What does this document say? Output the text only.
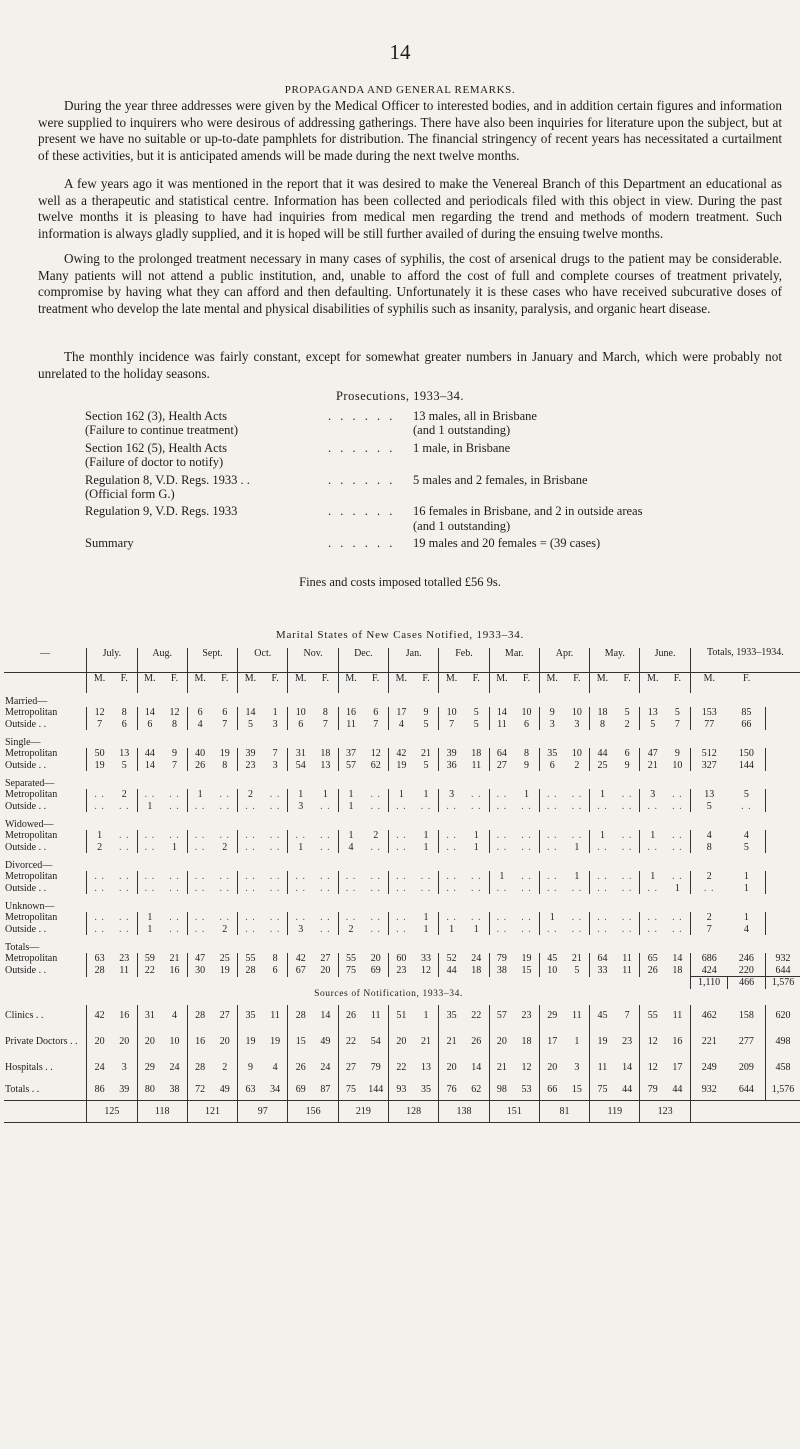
14
PROPAGANDA AND GENERAL REMARKS.

During the year three addresses were given by the Medical Officer to interested bodies, and in addition certain figures and information were supplied to inquirers who were desirous of addressing gatherings. There have also been inquiries for literature upon the subject, but at present we have no suitable or up-to-date pamphlets for distribution. The financial stringency of recent years has necessitated a curtailment of these activities, but it is anticipated amends will be made during the next twelve months.

A few years ago it was mentioned in the report that it was desired to make the Venereal Branch of this Department an educational as well as a therapeutic and statistical centre. Information has been collected and periodicals filed with this object in view. During the past twelve months it is pleasing to have had inquiries from medical men regarding the trend and methods of modern treatment. Such information is always gladly supplied, and it is hoped will be still further availed of during the ensuing twelve months.

Owing to the prolonged treatment necessary in many cases of syphilis, the cost of arsenical drugs to the patient may be considerable. Many patients will not attend a public institution, and, unable to afford the cost of full and complete courses of treatment privately, compromise by having what they can afford and then defaulting. Unfortunately it is these cases who have received subcurative doses of treatment who develop the late mental and physical disabilities of syphilis such as insanity, paralysis, and organic heart disease.

The monthly incidence was fairly constant, except for somewhat greater numbers in January and March, which were probably not unrelated to the holiday seasons.

Prosecutions, 1933–34.
Section 162 (3), Health Acts
(Failure to continue treatment)
. . . . . .	13 males, all in Brisbane
(and 1 outstanding)
Section 162 (5), Health Acts
(Failure of doctor to notify)
. . . . . .	1 male, in Brisbane
Regulation 8, V.D. Regs. 1933 . .
(Official form G.)
. . . . . .	5 males and 2 females, in Brisbane
Regulation 9, V.D. Regs. 1933	. . . . . .	16 females in Brisbane, and 2 in outside areas
(and 1 outstanding)
Summary	. . . . . .	19 males and 20 females = (39 cases)
Fines and costs imposed totalled £56 9s.
Marital States of New Cases Notified, 1933–34.
—	July.		Aug.		Sept.		Oct.		Nov.		Dec.		Jan.		Feb.		Mar.		Apr.		May.		June.		Totals, 1933–1934.		
	M.	F.	M.	F.	M.	F.	M.	F.	M.	F.	M.	F.	M.	F.	M.	F.	M.	F.	M.	F.	M.	F.	M.	F.	M.	F.	
Married—																											
Metropolitan	12	8	14	12	6	6	14	1	10	8	16	6	17	9	10	5	14	10	9	10	18	5	13	5	153	85	
Outside . .	7	6	6	8	4	7	5	3	6	7	11	7	4	5	7	5	11	6	3	3	8	2	5	7	77	66	
Single—																											
Metropolitan	50	13	44	9	40	19	39	7	31	18	37	12	42	21	39	18	64	8	35	10	44	6	47	9	512	150	
Outside . .	19	5	14	7	26	8	23	3	54	13	57	62	19	5	36	11	27	9	6	2	25	9	21	10	327	144	
Separated—																											
Metropolitan	. .	2	. .	. .	1	. .	2	. .	1	1	1	. .	1	1	3	. .	. .	1	. .	. .	1	. .	3	. .	13	5	
Outside . .	. .	. .	1	. .	. .	. .	. .	. .	3	. .	1	. .	. .	. .	. .	. .	. .	. .	. .	. .	. .	. .	. .	. .	5	. .	
Widowed—																											
Metropolitan	1	. .	. .	. .	. .	. .	. .	. .	. .	. .	1	2	. .	1	. .	1	. .	. .	. .	. .	1	. .	1	. .	4	4	
Outside . .	2	. .	. .	1	. .	2	. .	. .	1	. .	4	. .	. .	1	. .	1	. .	. .	. .	1	. .	. .	. .	. .	8	5	
Divorced—																											
Metropolitan	. .	. .	. .	. .	. .	. .	. .	. .	. .	. .	. .	. .	. .	. .	. .	. .	1	. .	. .	1	. .	. .	1	. .	2	1	
Outside . .	. .	. .	. .	. .	. .	. .	. .	. .	. .	. .	. .	. .	. .	. .	. .	. .	. .	. .	. .	. .	. .	. .	. .	1	. .	1	
Unknown—																											
Metropolitan	. .	. .	1	. .	. .	. .	. .	. .	. .	. .	. .	. .	. .	1	. .	. .	. .	. .	1	. .	. .	. .	. .	. .	2	1	
Outside . .	. .	. .	1	. .	. .	2	. .	. .	3	. .	2	. .	. .	1	1	1	. .	. .	. .	. .	. .	. .	. .	. .	7	4	
Totals—																											
Metropolitan	63	23	59	21	47	25	55	8	42	27	55	20	60	33	52	24	79	19	45	21	64	11	65	14	686	246	932
Outside . .	28	11	22	16	30	19	28	6	67	20	75	69	23	12	44	18	38	15	10	5	33	11	26	18	424	220	644
																									1,110	466	1,576
	Sources of Notification, 1933–34.																										
Clinics . .	42	16	31	4	28	27	35	11	28	14	26	11	51	1	35	22	57	23	29	11	45	7	55	11	462	158	620
Private Doctors . .	20	20	20	10	16	20	19	19	15	49	22	54	20	21	21	26	20	18	17	1	19	23	12	16	221	277	498
Hospitals . .	24	3	29	24	28	2	9	4	26	24	27	79	22	13	20	14	21	12	20	3	11	14	12	17	249	209	458
Totals . .	86	39	80	38	72	49	63	34	69	87	75	144	93	35	76	62	98	53	66	15	75	44	79	44	932	644	1,576
	125		118		121		97		156		219		128		138		151		81		119		123				
